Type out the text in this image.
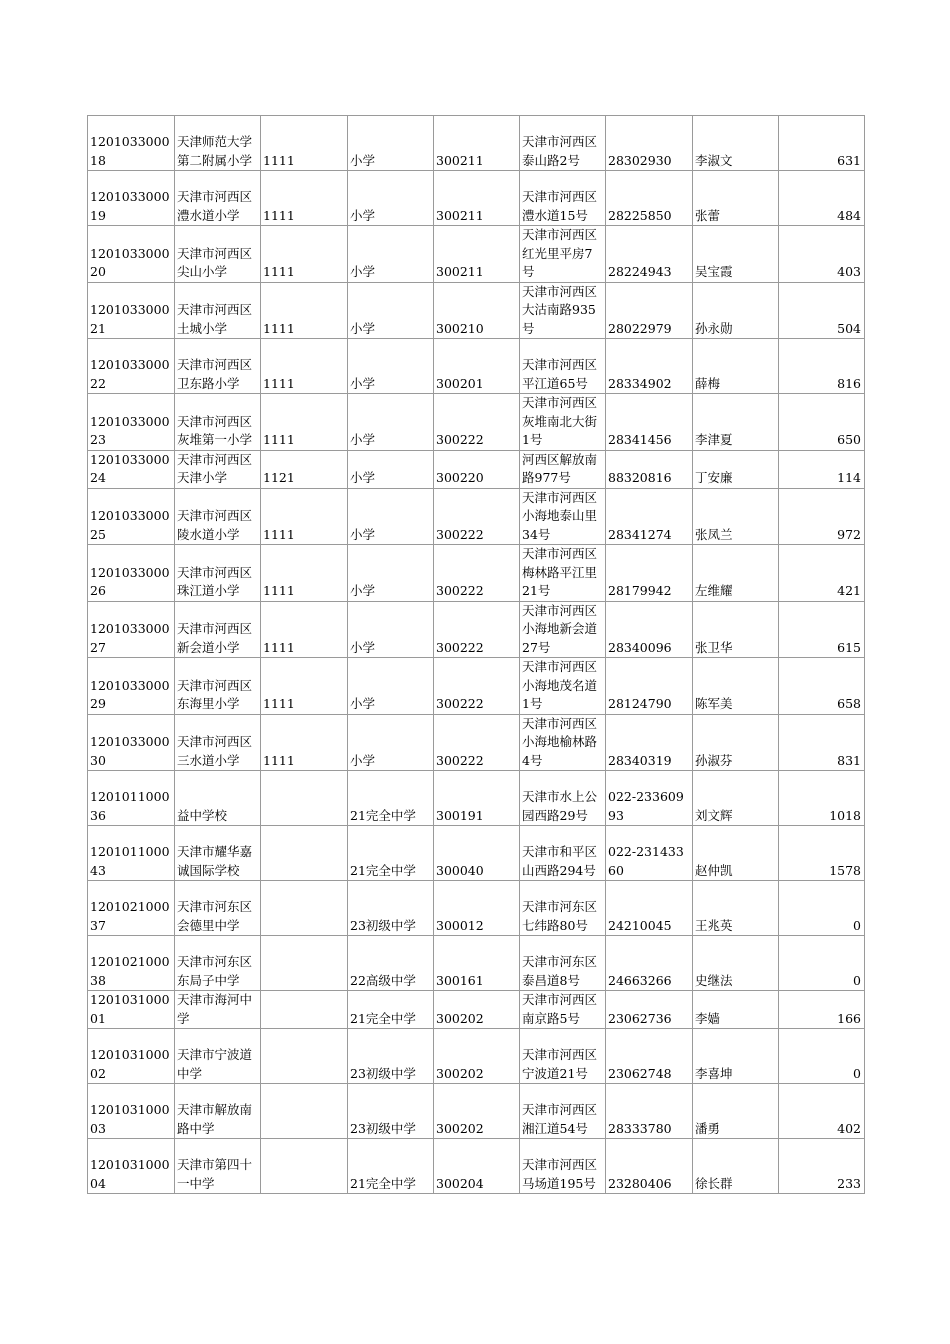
120103300018	天津师范大学第二附属小学	1111	小学	300211	天津市河西区泰山路2号	28302930	李淑文	631
120103300019	天津市河西区澧水道小学	1111	小学	300211	天津市河西区澧水道15号	28225850	张蕾	484
120103300020	天津市河西区尖山小学	1111	小学	300211	天津市河西区红光里平房7号	28224943	吴宝霞	403
120103300021	天津市河西区土城小学	1111	小学	300210	天津市河西区大沽南路935号	28022979	孙永勋	504
120103300022	天津市河西区卫东路小学	1111	小学	300201	天津市河西区平江道65号	28334902	薛梅	816
120103300023	天津市河西区灰堆第一小学	1111	小学	300222	天津市河西区灰堆南北大街1号	28341456	李津夏	650
120103300024	天津市河西区天津小学	1121	小学	300220	河西区解放南路977号	88320816	丁安廉	114
120103300025	天津市河西区陵水道小学	1111	小学	300222	天津市河西区小海地泰山里34号	28341274	张凤兰	972
120103300026	天津市河西区珠江道小学	1111	小学	300222	天津市河西区梅林路平江里21号	28179942	左维耀	421
120103300027	天津市河西区新会道小学	1111	小学	300222	天津市河西区小海地新会道27号	28340096	张卫华	615
120103300029	天津市河西区东海里小学	1111	小学	300222	天津市河西区小海地茂名道1号	28124790	陈军美	658
120103300030	天津市河西区三水道小学	1111	小学	300222	天津市河西区小海地榆林路4号	28340319	孙淑芬	831
120101100036	益中学校		21完全中学	300191	天津市水上公园西路29号	022-23360993	刘文辉	1018
120101100043	天津市耀华嘉诚国际学校		21完全中学	300040	天津市和平区山西路294号	022-23143360	赵仲凯	1578
120102100037	天津市河东区会德里中学		23初级中学	300012	天津市河东区七纬路80号	24210045	王兆英	0
120102100038	天津市河东区东局子中学		22高级中学	300161	天津市河东区泰昌道8号	24663266	史继法	0
120103100001	天津市海河中学		21完全中学	300202	天津市河西区南京路5号	23062736	李嫱	166
120103100002	天津市宁波道中学		23初级中学	300202	天津市河西区宁波道21号	23062748	李喜坤	0
120103100003	天津市解放南路中学		23初级中学	300202	天津市河西区湘江道54号	28333780	潘勇	402
120103100004	天津市第四十一中学		21完全中学	300204	天津市河西区马场道195号	23280406	徐长群	233
